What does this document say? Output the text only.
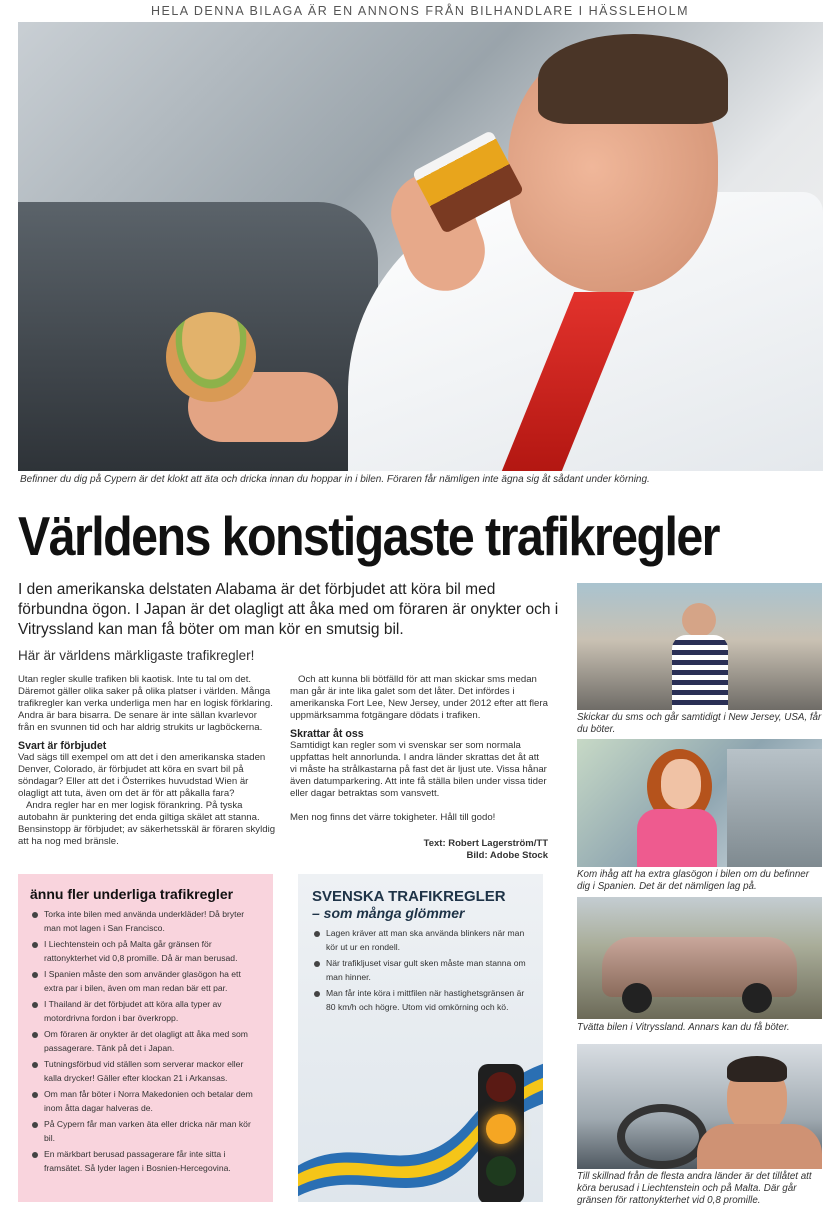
HELA DENNA BILAGA ÄR EN ANNONS FRÅN BILHANDLARE I HÄSSLEHOLM
Befinner du dig på Cypern är det klokt att äta och dricka innan du hoppar in i bilen. Föraren får nämligen inte ägna sig åt sådant under körning.
Världens konstigaste trafikregler

I den amerikanska delstaten Alabama är det förbjudet att köra bil med förbundna ögon. I Japan är det olagligt att åka med om föraren är onykter och i Vitryssland kan man få böter om man kör en smutsig bil.

Här är världens märkligaste trafikregler!

Utan regler skulle trafiken bli kaotisk. Inte tu tal om det. Däremot gäller olika saker på olika platser i världen. Många trafikregler kan verka underliga men har en logisk förklaring. Andra är bara bisarra. De senare är inte sällan kvarlevor från en svunnen tid och har aldrig strukits ur lagböckerna.

Svart är förbjudet

Vad sägs till exempel om att det i den amerikanska staden Denver, Colorado, är förbjudet att köra en svart bil på söndagar? Eller att det i Österrikes huvudstad Wien är olagligt att tuta, även om det är för att påkalla fara?

Andra regler har en mer logisk förankring. På tyska autobahn är punktering det enda giltiga skälet att stanna. Bensinstopp är förbjudet; av säkerhetsskäl är föraren skyldig att ha nog med bränsle.

Och att kunna bli bötfälld för att man skickar sms medan man går är inte lika galet som det låter. Det infördes i amerikanska Fort Lee, New Jersey, under 2012 efter att flera uppmärksamma fotgängare dödats i trafiken.

Skrattar åt oss

Samtidigt kan regler som vi svenskar ser som normala uppfattas helt annorlunda. I andra länder skrattas det åt att vi måste ha strålkastarna på fast det är ljust ute. Vissa hånar även datumparkering. Att inte få ställa bilen under vissa tider eller dagar betraktas som vansvett.

Men nog finns det värre tokigheter. Håll till godo!

Text: Robert Lagerström/TT
Bild: Adobe Stock
ännu fler underliga trafikregler
Torka inte bilen med använda underkläder! Då bryter man mot lagen i San Francisco.
I Liechtenstein och på Malta går gränsen för rattonykterhet vid 0,8 promille. Då är man berusad.
I Spanien måste den som använder glasögon ha ett extra par i bilen, även om man redan bär ett par.
I Thailand är det förbjudet att köra alla typer av motordrivna fordon i bar överkropp.
Om föraren är onykter är det olagligt att åka med som passagerare. Tänk på det i Japan.
Tutningsförbud vid ställen som serverar mackor eller kalla drycker! Gäller efter klockan 21 i Arkansas.
Om man får böter i Norra Makedonien och betalar dem inom åtta dagar halveras de.
På Cypern får man varken äta eller dricka när man kör bil.
En märkbart berusad passagerare får inte sitta i framsätet. Så lyder lagen i Bosnien-Hercegovina.
SVENSKA TRAFIKREGLER
– som många glömmer
Lagen kräver att man ska använda blinkers när man kör ut ur en rondell.
När trafikljuset visar gult sken måste man stanna om man hinner.
Man får inte köra i mittfilen när hastighetsgränsen är 80 km/h och högre. Utom vid omkörning och kö.
Skickar du sms och går samtidigt i New Jersey, USA, får du böter.
Kom ihåg att ha extra glasögon i bilen om du befinner dig i Spanien. Det är det nämligen lag på.
Tvätta bilen i Vitryssland. Annars kan du få böter.
Till skillnad från de flesta andra länder är det tillåtet att köra berusad i Liechtenstein och på Malta. Där går gränsen för rattonykterhet vid 0,8 promille.
